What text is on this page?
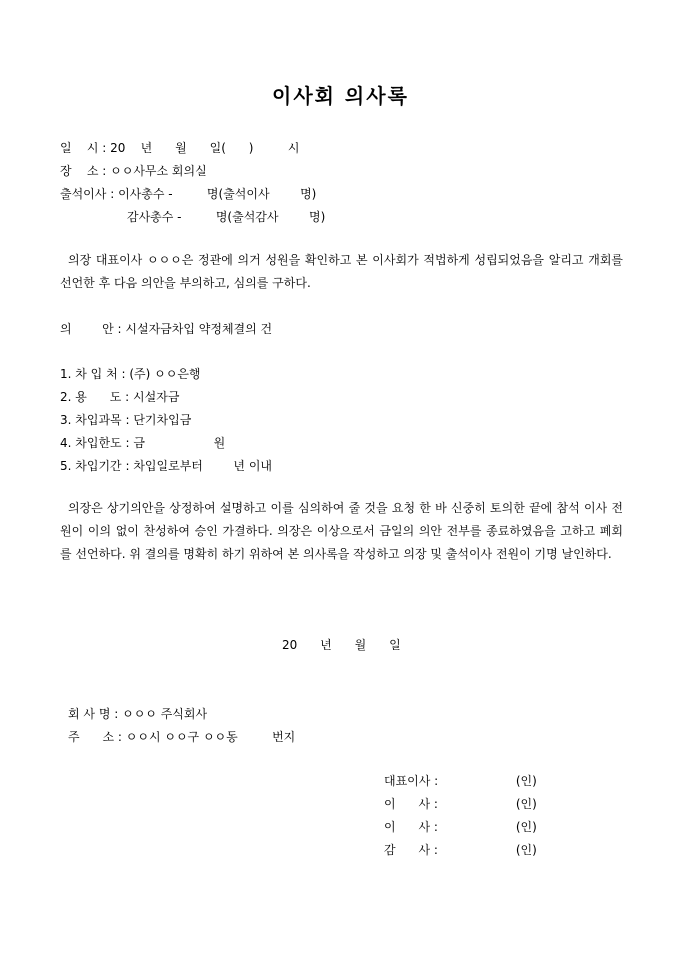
이사회 의사록
일    시 : 20    년      월      일(      )         시
장    소 : ㅇㅇ사무소 회의실
출석이사 : 이사총수 -         명(출석이사        명)
감사총수 -         명(출석감사        명)
의장 대표이사 ㅇㅇㅇ은 정관에 의거 성원을 확인하고 본 이사회가 적법하게 성립되었음을 알리고 개회를 선언한 후 다음 의안을 부의하고, 심의를 구하다.
의        안 : 시설자금차입 약정체결의 건
1. 차 입 처 : (주) ㅇㅇ은행
2. 용      도 : 시설자금
3. 차입과목 : 단기차입금
4. 차입한도 : 금                  원
5. 차입기간 : 차입일로부터        년 이내
의장은 상기의안을 상정하여 설명하고 이를 심의하여 줄 것을 요청 한 바 신중히 토의한 끝에 참석 이사 전원이 이의 없이 찬성하여 승인 가결하다. 의장은 이상으로서 금일의 의안 전부를 종료하였음을 고하고 폐회를 선언하다. 위 결의를 명확히 하기 위하여 본 의사록을 작성하고 의장 및 출석이사 전원이 기명 날인하다.
20      년      월      일
회 사 명 : ㅇㅇㅇ 주식회사
주      소 : ㅇㅇ시 ㅇㅇ구 ㅇㅇ동         번지
대표이사 :	(인)
이      사 :	(인)
이      사 :	(인)
감      사 :	(인)
